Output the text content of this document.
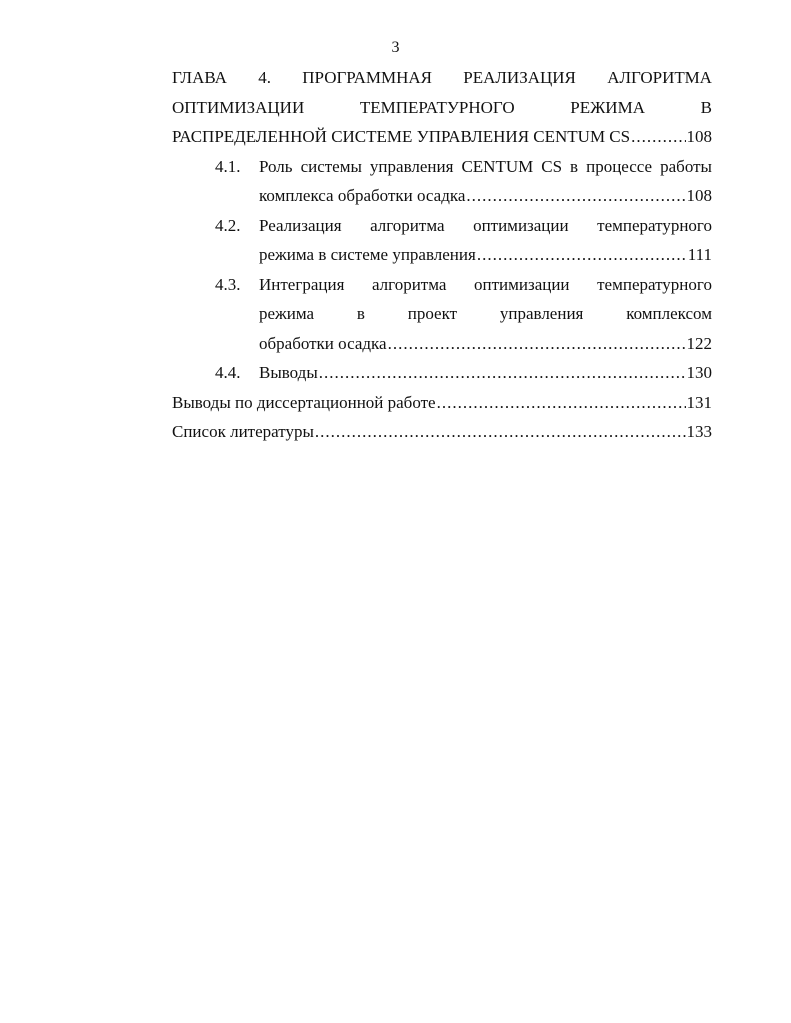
3
ГЛАВА 4. ПРОГРАММНАЯ РЕАЛИЗАЦИЯ АЛГОРИТМА
ОПТИМИЗАЦИИ	ТЕМПЕРАТУРНОГО	РЕЖИМА	В
РАСПРЕДЕЛЕННОЙ СИСТЕМЕ УПРАВЛЕНИЯ CENTUM CS .....	108
4.1.	Роль системы управления CENTUM CS в процессе работы
комплекса обработки осадка .....	108
4.2.	Реализация алгоритма оптимизации температурного
режима в системе управления .....	111
4.3.	Интеграция алгоритма оптимизации температурного
режима	в	проект	управления	комплексом
обработки осадка .....	122
4.4.	Выводы .....	130
Выводы по диссертационной работе .....	131
Список литературы .....	133
